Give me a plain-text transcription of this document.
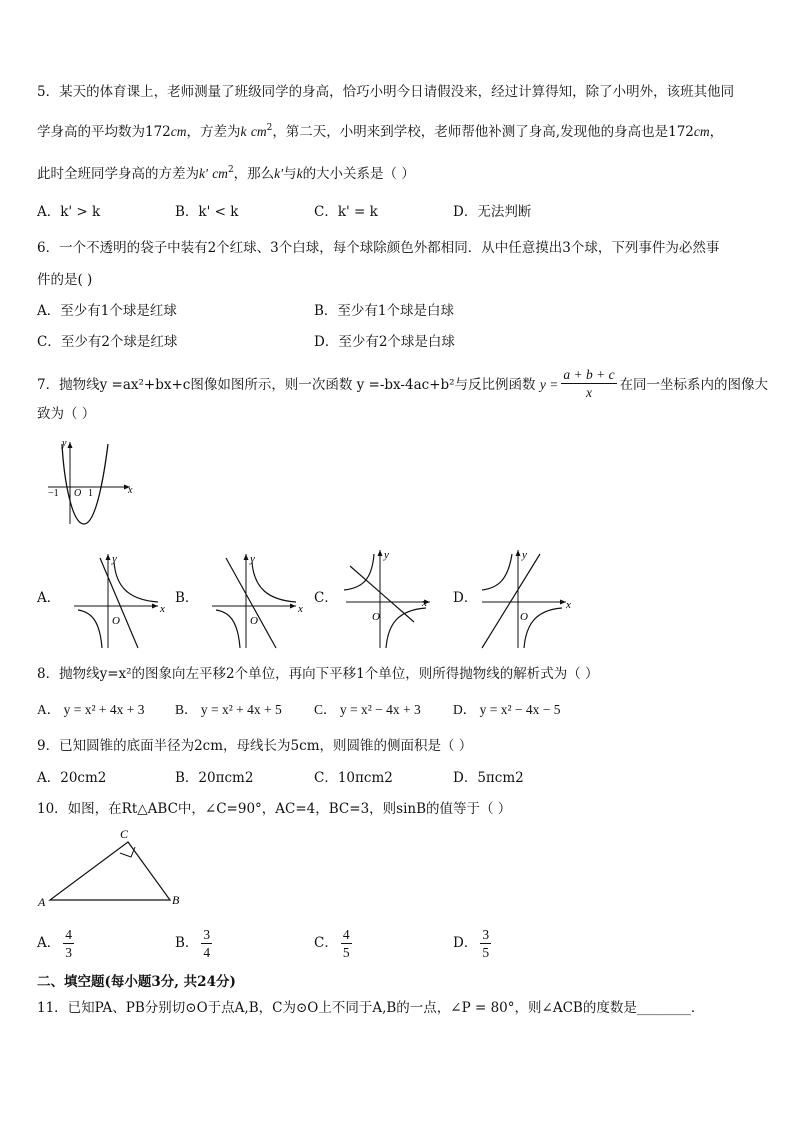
5．某天的体育课上，老师测量了班级同学的身高，恰巧小明今日请假没来，经过计算得知，除了小明外，该班其他同
学身高的平均数为172cm，方差为k $cm^2$，第二天，小明来到学校，老师帮他补测了身高,发现他的身高也是172cm，
此时全班同学身高的方差为k' $cm^2$，那么k'与k的大小关系是（ ）
A．k' > k	B．k' < k	C．k' = k	D．无法判断
6．一个不透明的袋子中装有2个红球、3个白球，每个球除颜色外都相同．从中任意摸出3个球，下列事件为必然事
件的是( )
A．至少有1个球是红球	B．至少有1个球是白球
C．至少有2个球是红球	D．至少有2个球是白球
7．抛物线y =ax²+bx+c图像如图所示，则一次函数 y =-bx-4ac+b²与反比例函数 $y = \frac{a + b + c}{x}$ 在同一坐标系内的图像大
致为（ ）
y
x
−1 O 1
A．	B．	C．	D．
y
x
O
y
x
O
y
x
O
y
x
O
8．抛物线y=x²的图象向左平移2个单位，再向下平移1个单位，则所得抛物线的解析式为（ ）
A． y = x² + 4x + 3 B． y = x² + 4x + 5 C． y = x² − 4x + 3 D． y = x² − 4x − 5
9．已知圆锥的底面半径为2cm，母线长为5cm，则圆锥的侧面积是（ ）
A．20cm2	B．20πcm2	C．10πcm2	D．5πcm2
10．如图，在Rt△ABC中，∠C=90°，AC=4，BC=3，则sinB的值等于（ ）
C
A	B
A． $\frac{4}{3}$	B． $\frac{3}{4}$	C． $\frac{4}{5}$	D． $\frac{3}{5}$
二、填空题(每小题3分, 共24分)
11．已知PA、PB分别切⊙O于点A,B，C为⊙O上不同于A,B的一点，∠P = 80°，则∠ACB的度数是________．
